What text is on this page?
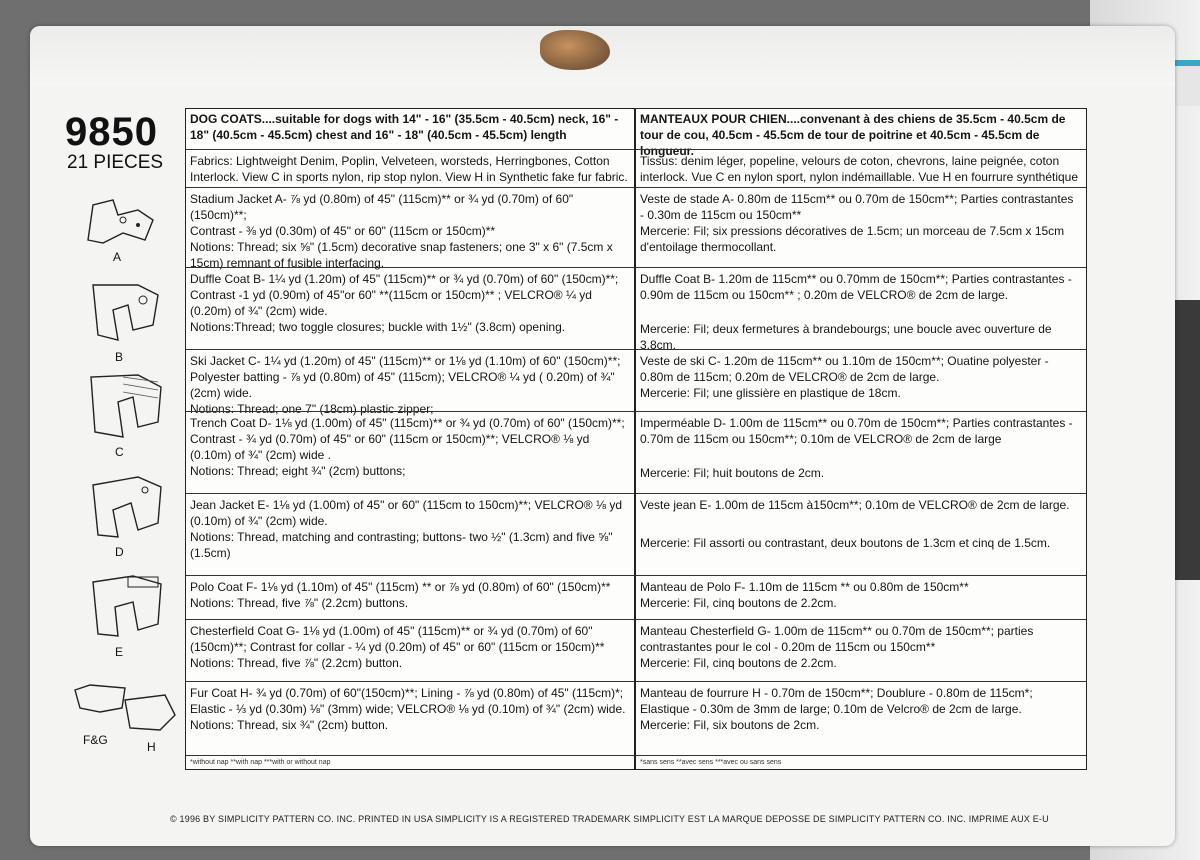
9850
21 PIECES
A
B
C
D
E
F&G	H
DOG COATS....suitable for dogs with 14" - 16" (35.5cm - 40.5cm) neck, 16" - 18" (40.5cm - 45.5cm) chest and 16" - 18" (40.5cm - 45.5cm) length
Fabrics: Lightweight Denim, Poplin, Velveteen, worsteds, Herringbones, Cotton Interlock. View C in sports nylon, rip stop nylon. View H in Synthetic fake fur fabric.
Stadium Jacket A- ⅞ yd (0.80m) of 45" (115cm)** or ¾ yd (0.70m) of 60" (150cm)**;
Contrast - ⅜ yd (0.30m) of 45" or 60" (115cm or 150cm)**
Notions: Thread; six ⅝" (1.5cm) decorative snap fasteners; one 3" x 6" (7.5cm x 15cm) remnant of fusible interfacing.
Duffle Coat B- 1¼ yd (1.20m) of 45" (115cm)** or ¾ yd (0.70m) of 60" (150cm)**;
Contrast -1 yd (0.90m) of 45"or 60" **(115cm or 150cm)** ; VELCRO® ¼ yd (0.20m) of ¾" (2cm) wide.
Notions:Thread; two toggle closures; buckle with 1½" (3.8cm) opening.
Ski Jacket C- 1¼ yd (1.20m) of 45" (115cm)** or 1⅛ yd (1.10m) of 60" (150cm)**;
Polyester batting - ⅞ yd (0.80m) of 45" (115cm); VELCRO® ¼ yd ( 0.20m) of ¾" (2cm) wide.
Notions: Thread; one 7" (18cm) plastic zipper;
Trench Coat D- 1⅛ yd (1.00m) of 45" (115cm)** or ¾ yd (0.70m) of 60" (150cm)**;
Contrast - ¾ yd (0.70m) of 45" or 60" (115cm or 150cm)**; VELCRO® ⅛ yd (0.10m) of ¾" (2cm) wide .
Notions: Thread; eight ¾" (2cm) buttons;
Jean Jacket E- 1⅛ yd (1.00m) of 45" or 60" (115cm to 150cm)**; VELCRO® ⅛ yd (0.10m) of ¾" (2cm) wide.
Notions: Thread, matching and contrasting; buttons- two ½" (1.3cm) and five ⅝" (1.5cm)
Polo Coat F- 1⅛ yd (1.10m) of 45" (115cm) ** or ⅞ yd (0.80m) of 60" (150cm)**
Notions: Thread, five ⅞" (2.2cm) buttons.
Chesterfield Coat G- 1⅛ yd (1.00m) of 45" (115cm)** or ¾ yd (0.70m) of 60" (150cm)**; Contrast for collar - ¼ yd (0.20m) of 45" or 60" (115cm or 150cm)**
Notions: Thread, five ⅞" (2.2cm) button.
Fur Coat H- ¾ yd (0.70m) of 60"(150cm)**; Lining - ⅞ yd (0.80m) of 45" (115cm)*;
Elastic - ⅓ yd (0.30m) ⅛" (3mm) wide; VELCRO® ⅛ yd (0.10m) of ¾" (2cm) wide.
Notions: Thread, six ¾" (2cm) button.
*without nap **with nap ***with or without nap
MANTEAUX POUR CHIEN....convenant à des chiens de 35.5cm - 40.5cm de tour de cou, 40.5cm - 45.5cm de tour de poitrine et 40.5cm - 45.5cm de longueur.
Tissus: denim léger, popeline, velours de coton, chevrons, laine peignée, coton interlock. Vue C en nylon sport, nylon indémaillable. Vue H en fourrure synthétique
Veste de stade A- 0.80m de 115cm** ou 0.70m de 150cm**; Parties contrastantes - 0.30m de 115cm ou 150cm**
Mercerie: Fil; six pressions décoratives de 1.5cm; un morceau de 7.5cm x 15cm d'entoilage thermocollant.
Duffle Coat B- 1.20m de 115cm** ou 0.70mm de 150cm**; Parties contrastantes - 0.90m de 115cm ou 150cm** ; 0.20m de VELCRO® de 2cm de large.
Mercerie: Fil; deux fermetures à brandebourgs; une boucle avec ouverture de 3.8cm.
Veste de ski C- 1.20m de 115cm** ou 1.10m de 150cm**; Ouatine polyester - 0.80m de 115cm; 0.20m de VELCRO® de 2cm de large.
Mercerie: Fil; une glissière en plastique de 18cm.
Imperméable D- 1.00m de 115cm** ou 0.70m de 150cm**; Parties contrastantes - 0.70m de 115cm ou 150cm**; 0.10m de VELCRO® de 2cm de large
Mercerie: Fil; huit boutons de 2cm.
Veste jean E- 1.00m de 115cm à150cm**; 0.10m de VELCRO® de 2cm de large.
Mercerie: Fil assorti ou contrastant, deux boutons de 1.3cm et cinq de 1.5cm.
Manteau de Polo F- 1.10m de 115cm ** ou 0.80m de 150cm**
Mercerie: Fil, cinq boutons de 2.2cm.
Manteau Chesterfield G- 1.00m de 115cm** ou 0.70m de 150cm**; parties contrastantes pour le col - 0.20m de 115cm ou 150cm**
Mercerie: Fil, cinq boutons de 2.2cm.
Manteau de fourrure H - 0.70m de 150cm**; Doublure - 0.80m de 115cm*; Elastique - 0.30m de 3mm de large; 0.10m de Velcro® de 2cm de large.
Mercerie: Fil, six boutons de 2cm.
*sans sens **avec sens ***avec ou sans sens
© 1996 BY SIMPLICITY PATTERN CO. INC. PRINTED IN USA SIMPLICITY IS A REGISTERED TRADEMARK SIMPLICITY EST LA MARQUE DEPOSSE DE SIMPLICITY PATTERN CO. INC. IMPRIME AUX E-U
